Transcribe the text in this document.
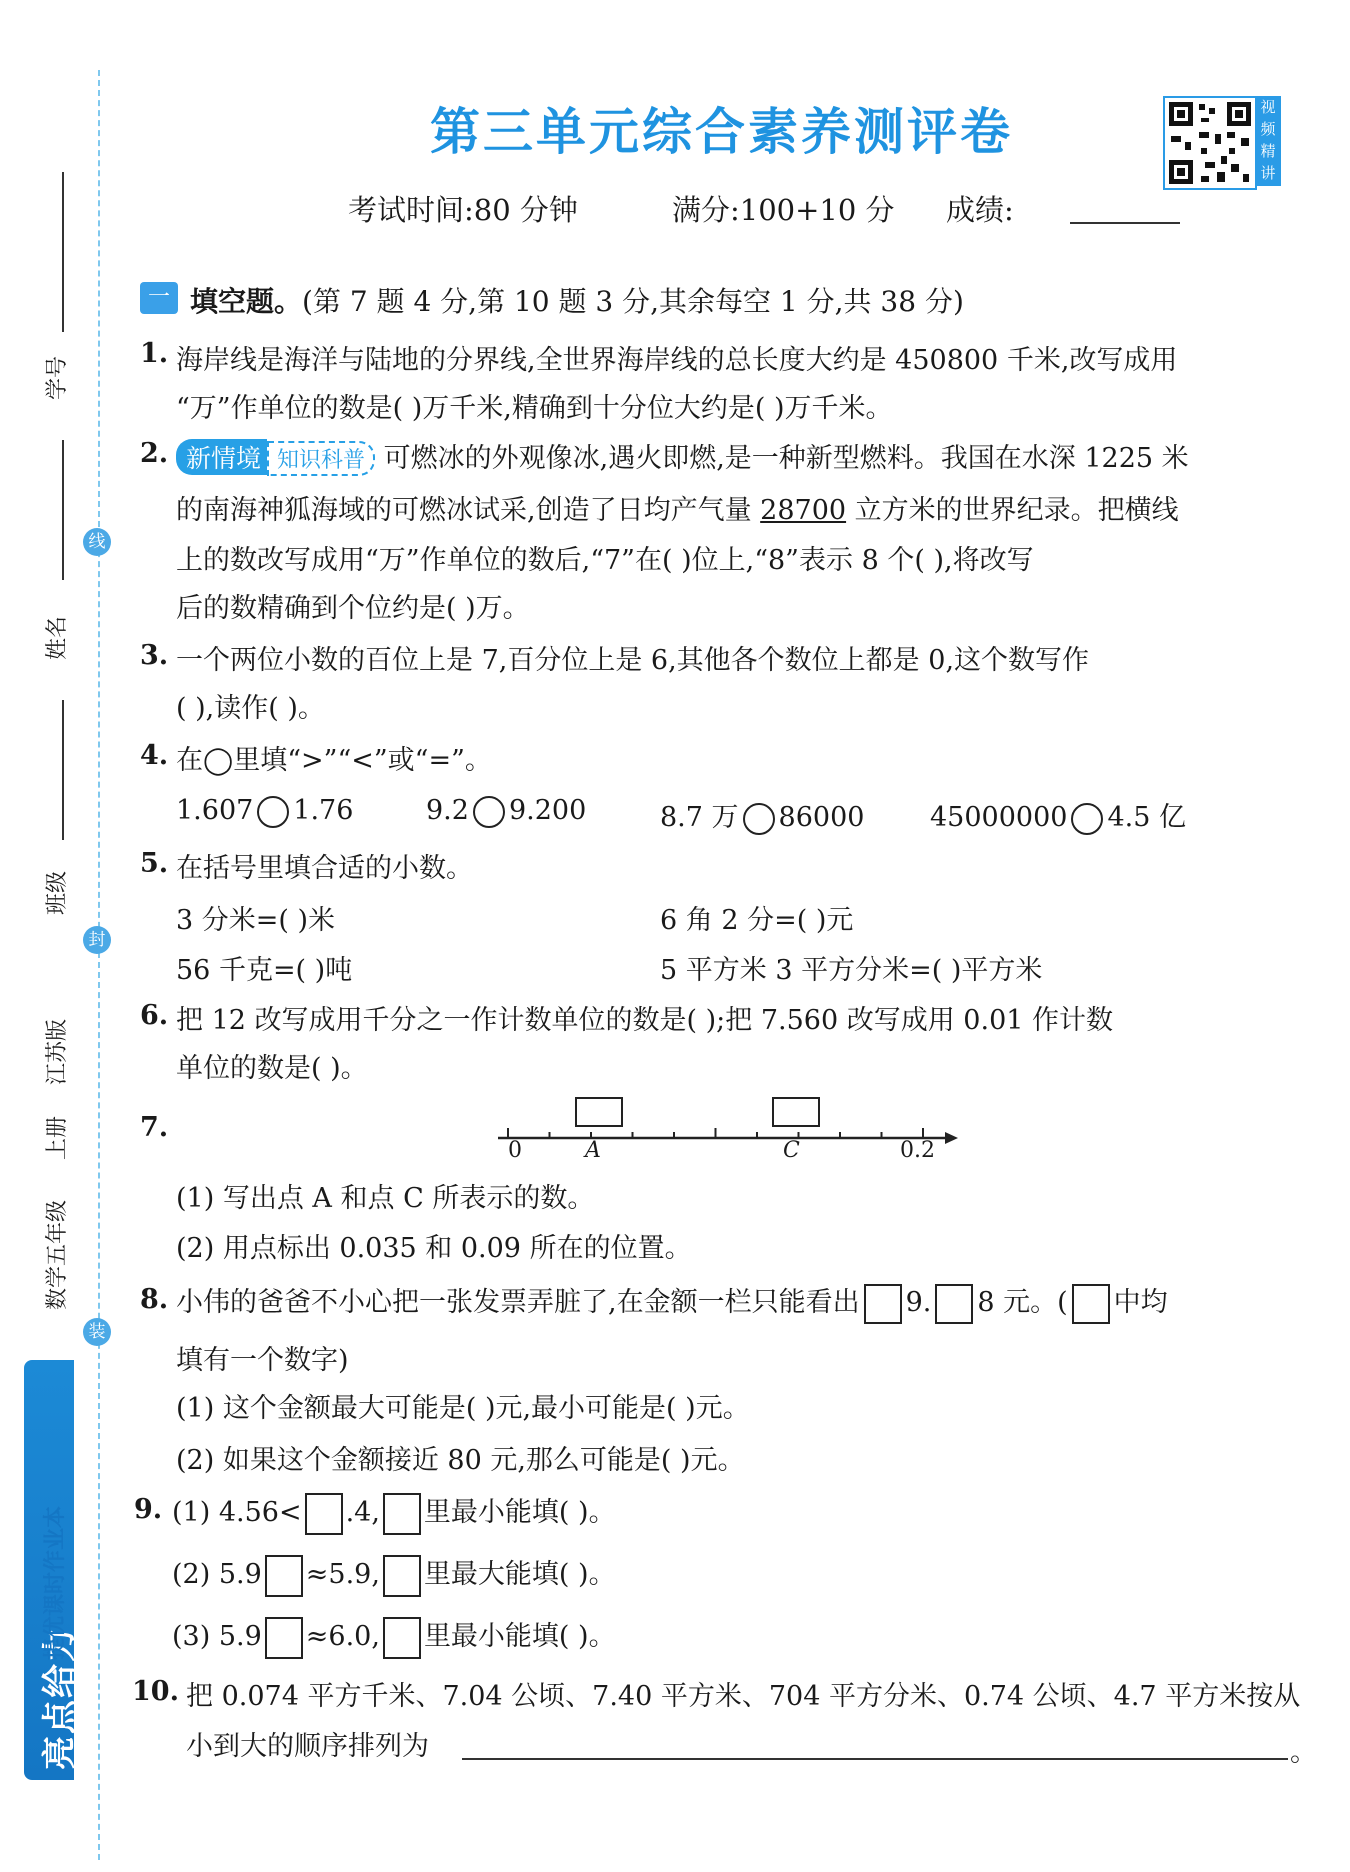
线
封
装
学号
姓名
班级
江苏版
上册
数学五年级
亮点给力
提优课时作业本
第三单元综合素养测评卷	视频精讲
考试时间:80 分钟	满分:100+10 分 成绩:
一 填空题。(第 7 题 4 分,第 10 题 3 分,其余每空 1 分,共 38 分)
1. 海岸线是海洋与陆地的分界线,全世界海岸线的总长度大约是 450800 千米,改写成用
“万”作单位的数是( )万千米,精确到十分位大约是( )万千米。
2. 新情境 知识科普 可燃冰的外观像冰,遇火即燃,是一种新型燃料。我国在水深 1225 米
的南海神狐海域的可燃冰试采,创造了日均产气量 28700 立方米的世界纪录。把横线
上的数改写成用“万”作单位的数后,“7”在( )位上,“8”表示 8 个( ),将改写
后的数精确到个位约是( )万。
3. 一个两位小数的百位上是 7,百分位上是 6,其他各个数位上都是 0,这个数写作
( ),读作( )。
4. 在◯里填“>”“<”或“=”。
1.607 1.76	9.2 9.200	8.7 万 86000 45000000 4.5 亿
5. 在括号里填合适的小数。
3 分米=( )米	6 角 2 分=( )元
56 千克=( )吨	5 平方米 3 平方分米=( )平方米
6. 把 12 改写成用千分之一作计数单位的数是( );把 7.560 改写成用 0.01 作计数
单位的数是( )。
7.
0	A	C	0.2
(1) 写出点 A 和点 C 所表示的数。
(2) 用点标出 0.035 和 0.09 所在的位置。
8. 小伟的爸爸不小心把一张发票弄脏了,在金额一栏只能看出 9. 8 元。( 中均
填有一个数字)
(1) 这个金额最大可能是( )元,最小可能是( )元。
(2) 如果这个金额接近 80 元,那么可能是( )元。
9. (1) 4.56< .4, 里最小能填( )。
(2) 5.9 ≈5.9, 里最大能填( )。
(3) 5.9 ≈6.0, 里最小能填( )。
10. 把 0.074 平方千米、7.04 公顷、7.40 平方米、704 平方分米、0.74 公顷、4.7 平方米按从
小到大的顺序排列为	。
